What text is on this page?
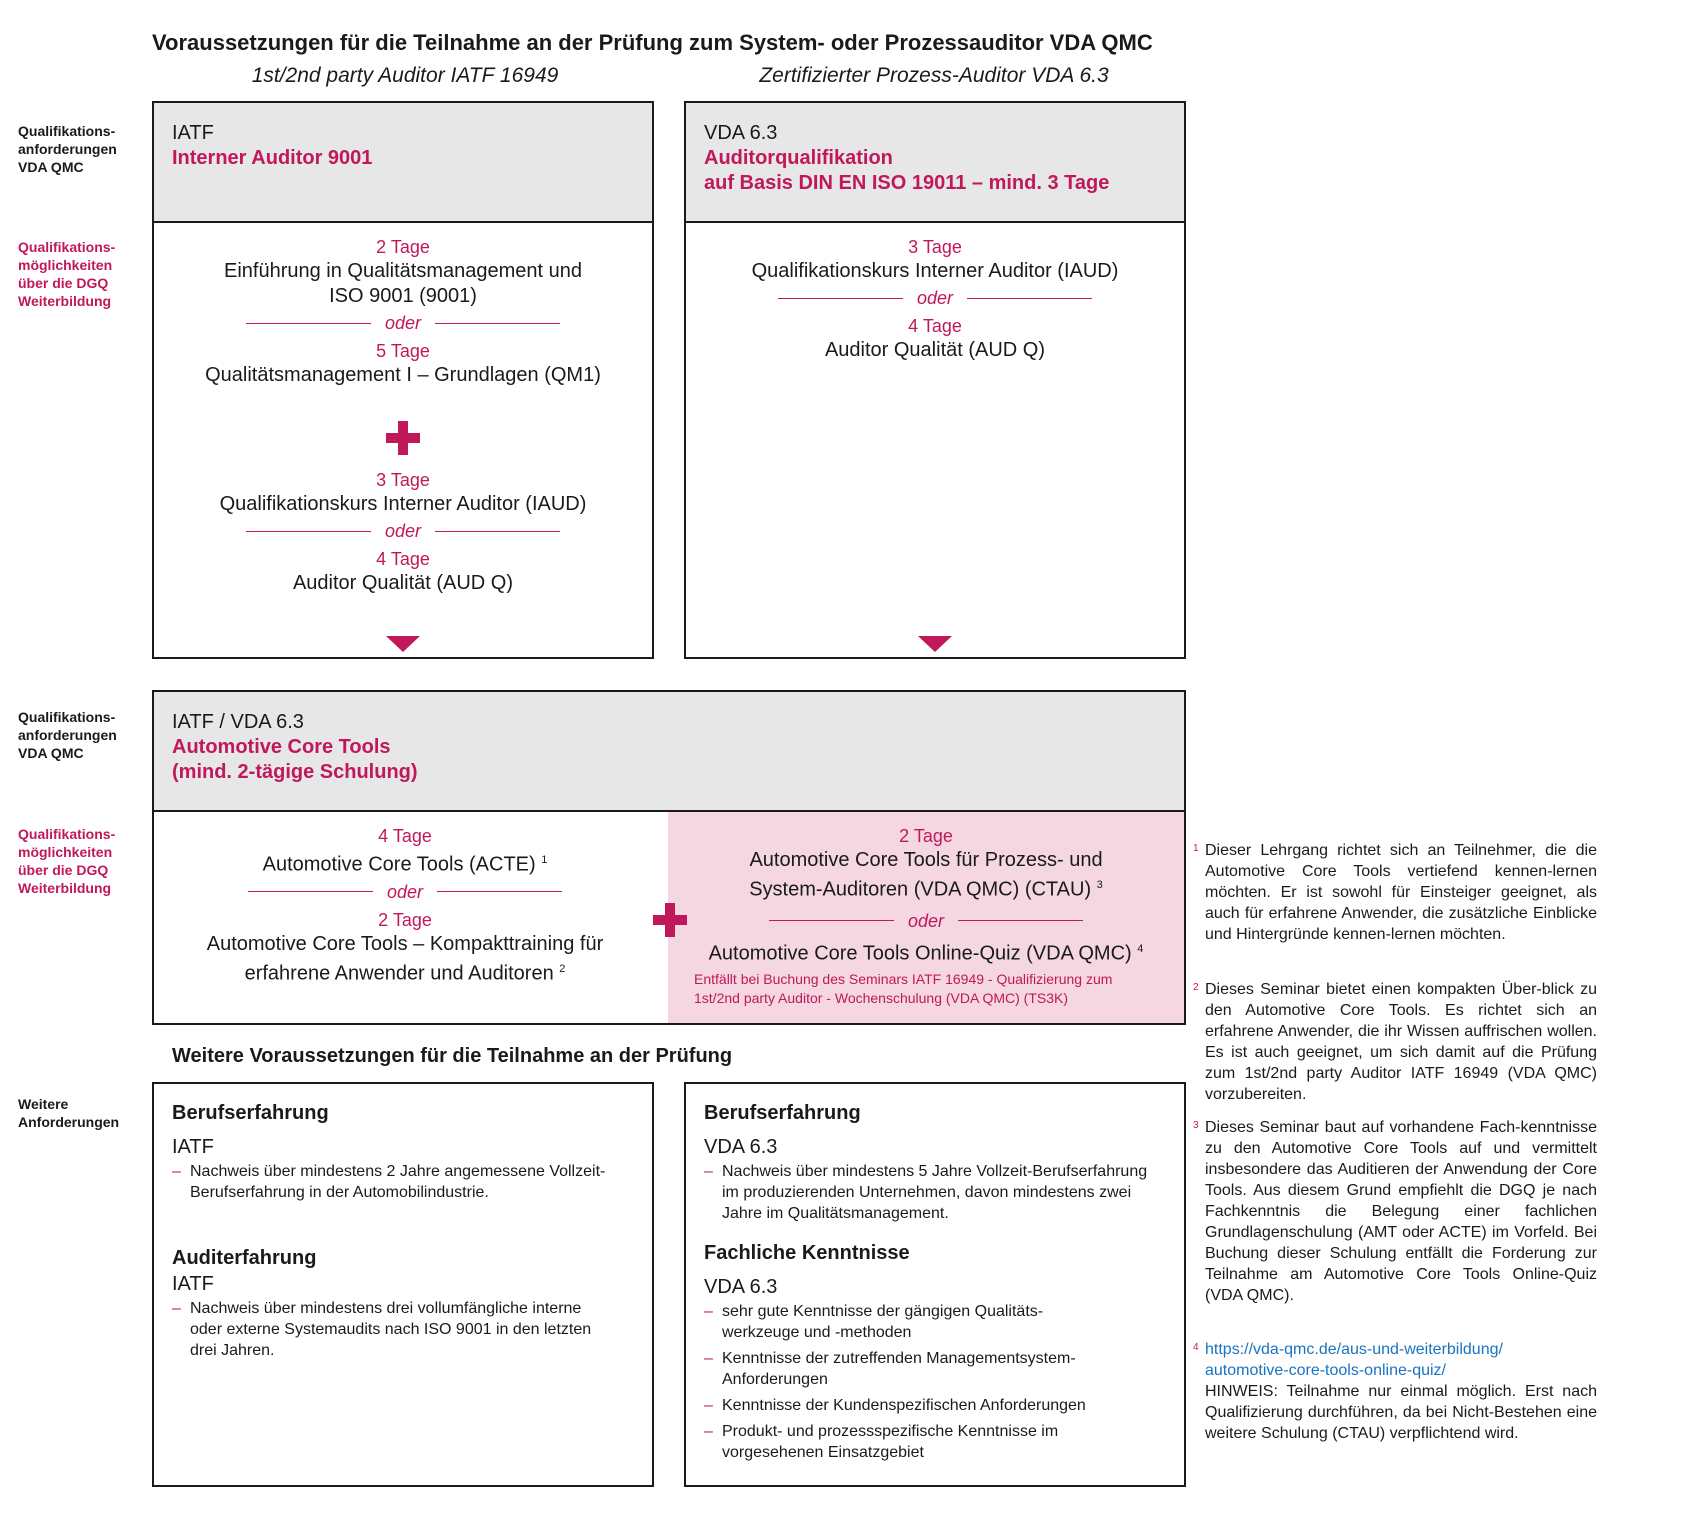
Voraussetzungen für die Teilnahme an der Prüfung zum System- oder Prozessauditor VDA QMC
1st/2nd party Auditor IATF 16949	Zertifizierter Prozess-Auditor VDA 6.3
Qualifikations-
anforderungen
VDA QMC
Qualifikations-
möglichkeiten
über die DGQ
Weiterbildung
Qualifikations-
anforderungen
VDA QMC
Qualifikations-
möglichkeiten
über die DGQ
Weiterbildung
Weitere
Anforderungen
IATF
Interner Auditor 9001
2 Tage
Einführung in Qualitätsmanagement und
ISO 9001 (9001)
oder
5 Tage
Qualitätsmanagement I – Grundlagen (QM1)
3 Tage
Qualifikationskurs Interner Auditor (IAUD)
oder
4 Tage
Auditor Qualität (AUD Q)
VDA 6.3
Auditorqualifikation
auf Basis DIN EN ISO 19011 – mind. 3 Tage
3 Tage
Qualifikationskurs Interner Auditor (IAUD)
oder
4 Tage
Auditor Qualität (AUD Q)
IATF / VDA 6.3
Automotive Core Tools
(mind. 2-tägige Schulung)
4 Tage
Automotive Core Tools (ACTE) $^1$
oder
2 Tage
Automotive Core Tools – Kompakttraining für
erfahrene Anwender und Auditoren $^2$
2 Tage
Automotive Core Tools für Prozess- und
System-Auditoren (VDA QMC) (CTAU) $^3$
oder
Automotive Core Tools Online-Quiz (VDA QMC) $^4$
Entfällt bei Buchung des Seminars IATF 16949 - Qualifizierung zum
1st/2nd party Auditor - Wochenschulung (VDA QMC) (TS3K)
Weitere Voraussetzungen für die Teilnahme an der Prüfung
Berufserfahrung
IATF
– Nachweis über mindestens 2 Jahre angemessene Vollzeit-
Berufserfahrung in der Automobilindustrie.
Auditerfahrung
IATF
– Nachweis über mindestens drei vollumfängliche interne
oder externe Systemaudits nach ISO 9001 in den letzten
drei Jahren.
Berufserfahrung
VDA 6.3
– Nachweis über mindestens 5 Jahre Vollzeit-Berufserfahrung
im produzierenden Unternehmen, davon mindestens zwei
Jahre im Qualitätsmanagement.
Fachliche Kenntnisse
VDA 6.3
– sehr gute Kenntnisse der gängigen Qualitäts-
werkzeuge und -methoden
– Kenntnisse der zutreffenden Managementsystem-
Anforderungen
– Kenntnisse der Kundenspezifischen Anforderungen
– Produkt- und prozessspezifische Kenntnisse im
vorgesehenen Einsatzgebiet
1 Dieser Lehrgang richtet sich an Teilnehmer, die die Automotive Core Tools vertiefend kennen-lernen möchten. Er ist sowohl für Einsteiger geeignet, als auch für erfahrene Anwender, die zusätzliche Einblicke und Hintergründe kennen-lernen möchten.
2 Dieses Seminar bietet einen kompakten Über-blick zu den Automotive Core Tools. Es richtet sich an erfahrene Anwender, die ihr Wissen auffrischen wollen. Es ist auch geeignet, um sich damit auf die Prüfung zum 1st/2nd party Auditor IATF 16949 (VDA QMC) vorzubereiten.
3 Dieses Seminar baut auf vorhandene Fach-kenntnisse zu den Automotive Core Tools auf und vermittelt insbesondere das Auditieren der Anwendung der Core Tools. Aus diesem Grund empfiehlt die DGQ je nach Fachkenntnis die Belegung einer fachlichen Grundlagenschulung (AMT oder ACTE) im Vorfeld. Bei Buchung dieser Schulung entfällt die Forderung zur Teilnahme am Automotive Core Tools Online-Quiz (VDA QMC).
4 https://vda-qmc.de/aus-und-weiterbildung/
automotive-core-tools-online-quiz/
HINWEIS: Teilnahme nur einmal möglich. Erst nach Qualifizierung durchführen, da bei Nicht-Bestehen eine weitere Schulung (CTAU) verpflichtend wird.
